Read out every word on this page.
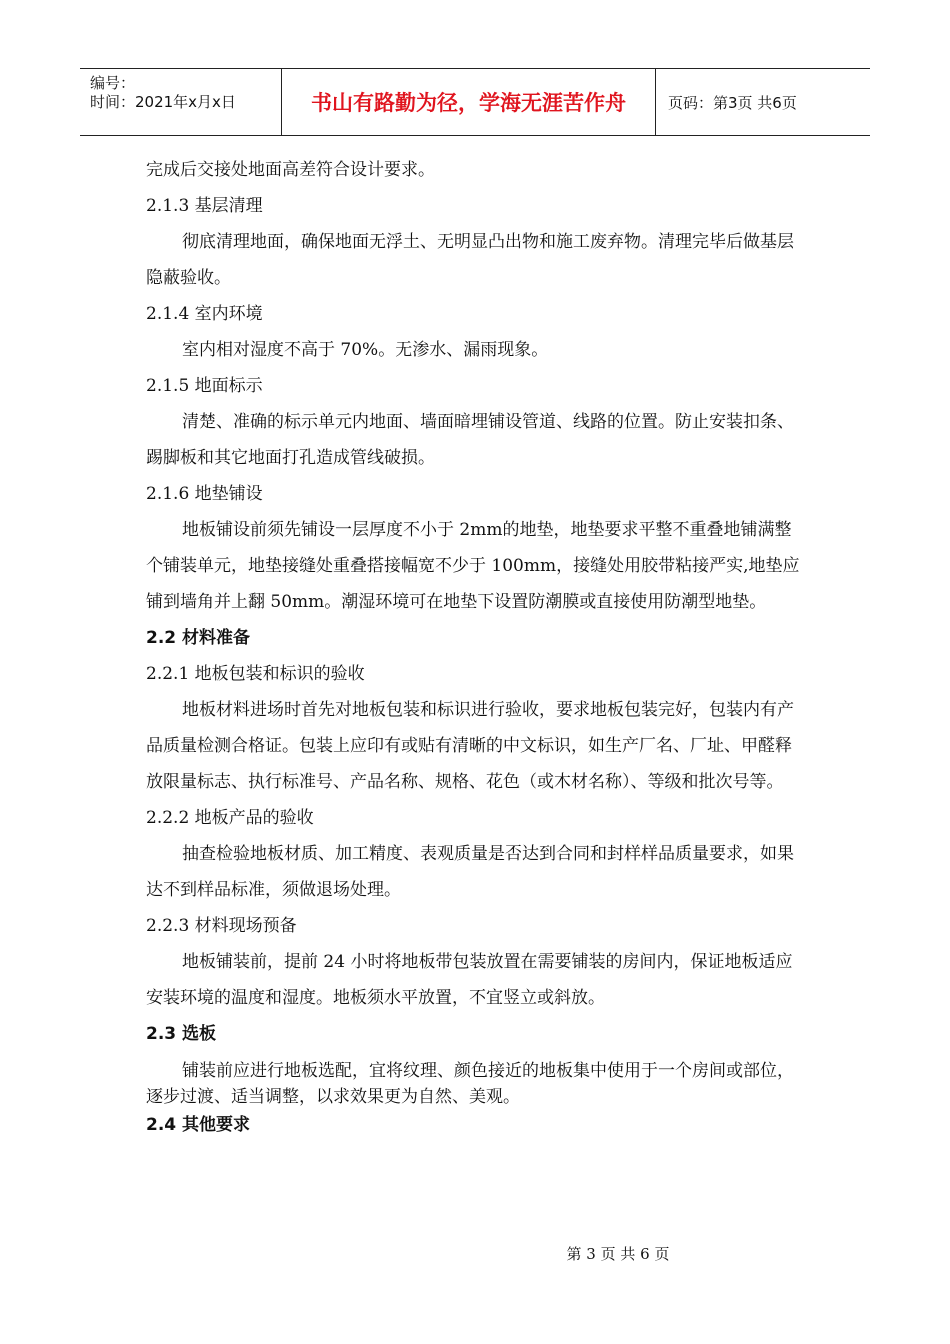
编号：
时间：2021年x月x日	书山有路勤为径，学海无涯苦作舟	页码：第3页 共6页

完成后交接处地面高差符合设计要求。

2.1.3 基层清理

彻底清理地面，确保地面无浮土、无明显凸出物和施工废弃物。清理完毕后做基层隐蔽验收。

2.1.4 室内环境

室内相对湿度不高于 70%。无渗水、漏雨现象。

2.1.5 地面标示

清楚、准确的标示单元内地面、墙面暗埋铺设管道、线路的位置。防止安装扣条、踢脚板和其它地面打孔造成管线破损。

2.1.6 地垫铺设

地板铺设前须先铺设一层厚度不小于 2mm的地垫，地垫要求平整不重叠地铺满整个铺装单元，地垫接缝处重叠搭接幅宽不少于 100mm，接缝处用胶带粘接严实,地垫应铺到墙角并上翻 50mm。潮湿环境可在地垫下设置防潮膜或直接使用防潮型地垫。

2.2 材料准备

2.2.1 地板包装和标识的验收

地板材料进场时首先对地板包装和标识进行验收，要求地板包装完好，包装内有产品质量检测合格证。包装上应印有或贴有清晰的中文标识，如生产厂名、厂址、甲醛释放限量标志、执行标准号、产品名称、规格、花色（或木材名称）、等级和批次号等。

2.2.2 地板产品的验收

抽查检验地板材质、加工精度、表观质量是否达到合同和封样样品质量要求，如果达不到样品标准，须做退场处理。

2.2.3 材料现场预备

地板铺装前，提前 24 小时将地板带包装放置在需要铺装的房间内，保证地板适应安装环境的温度和湿度。地板须水平放置，不宜竖立或斜放。

2.3 选板

铺装前应进行地板选配，宜将纹理、颜色接近的地板集中使用于一个房间或部位，逐步过渡、适当调整，以求效果更为自然、美观。

2.4 其他要求

第 3 页 共 6 页
